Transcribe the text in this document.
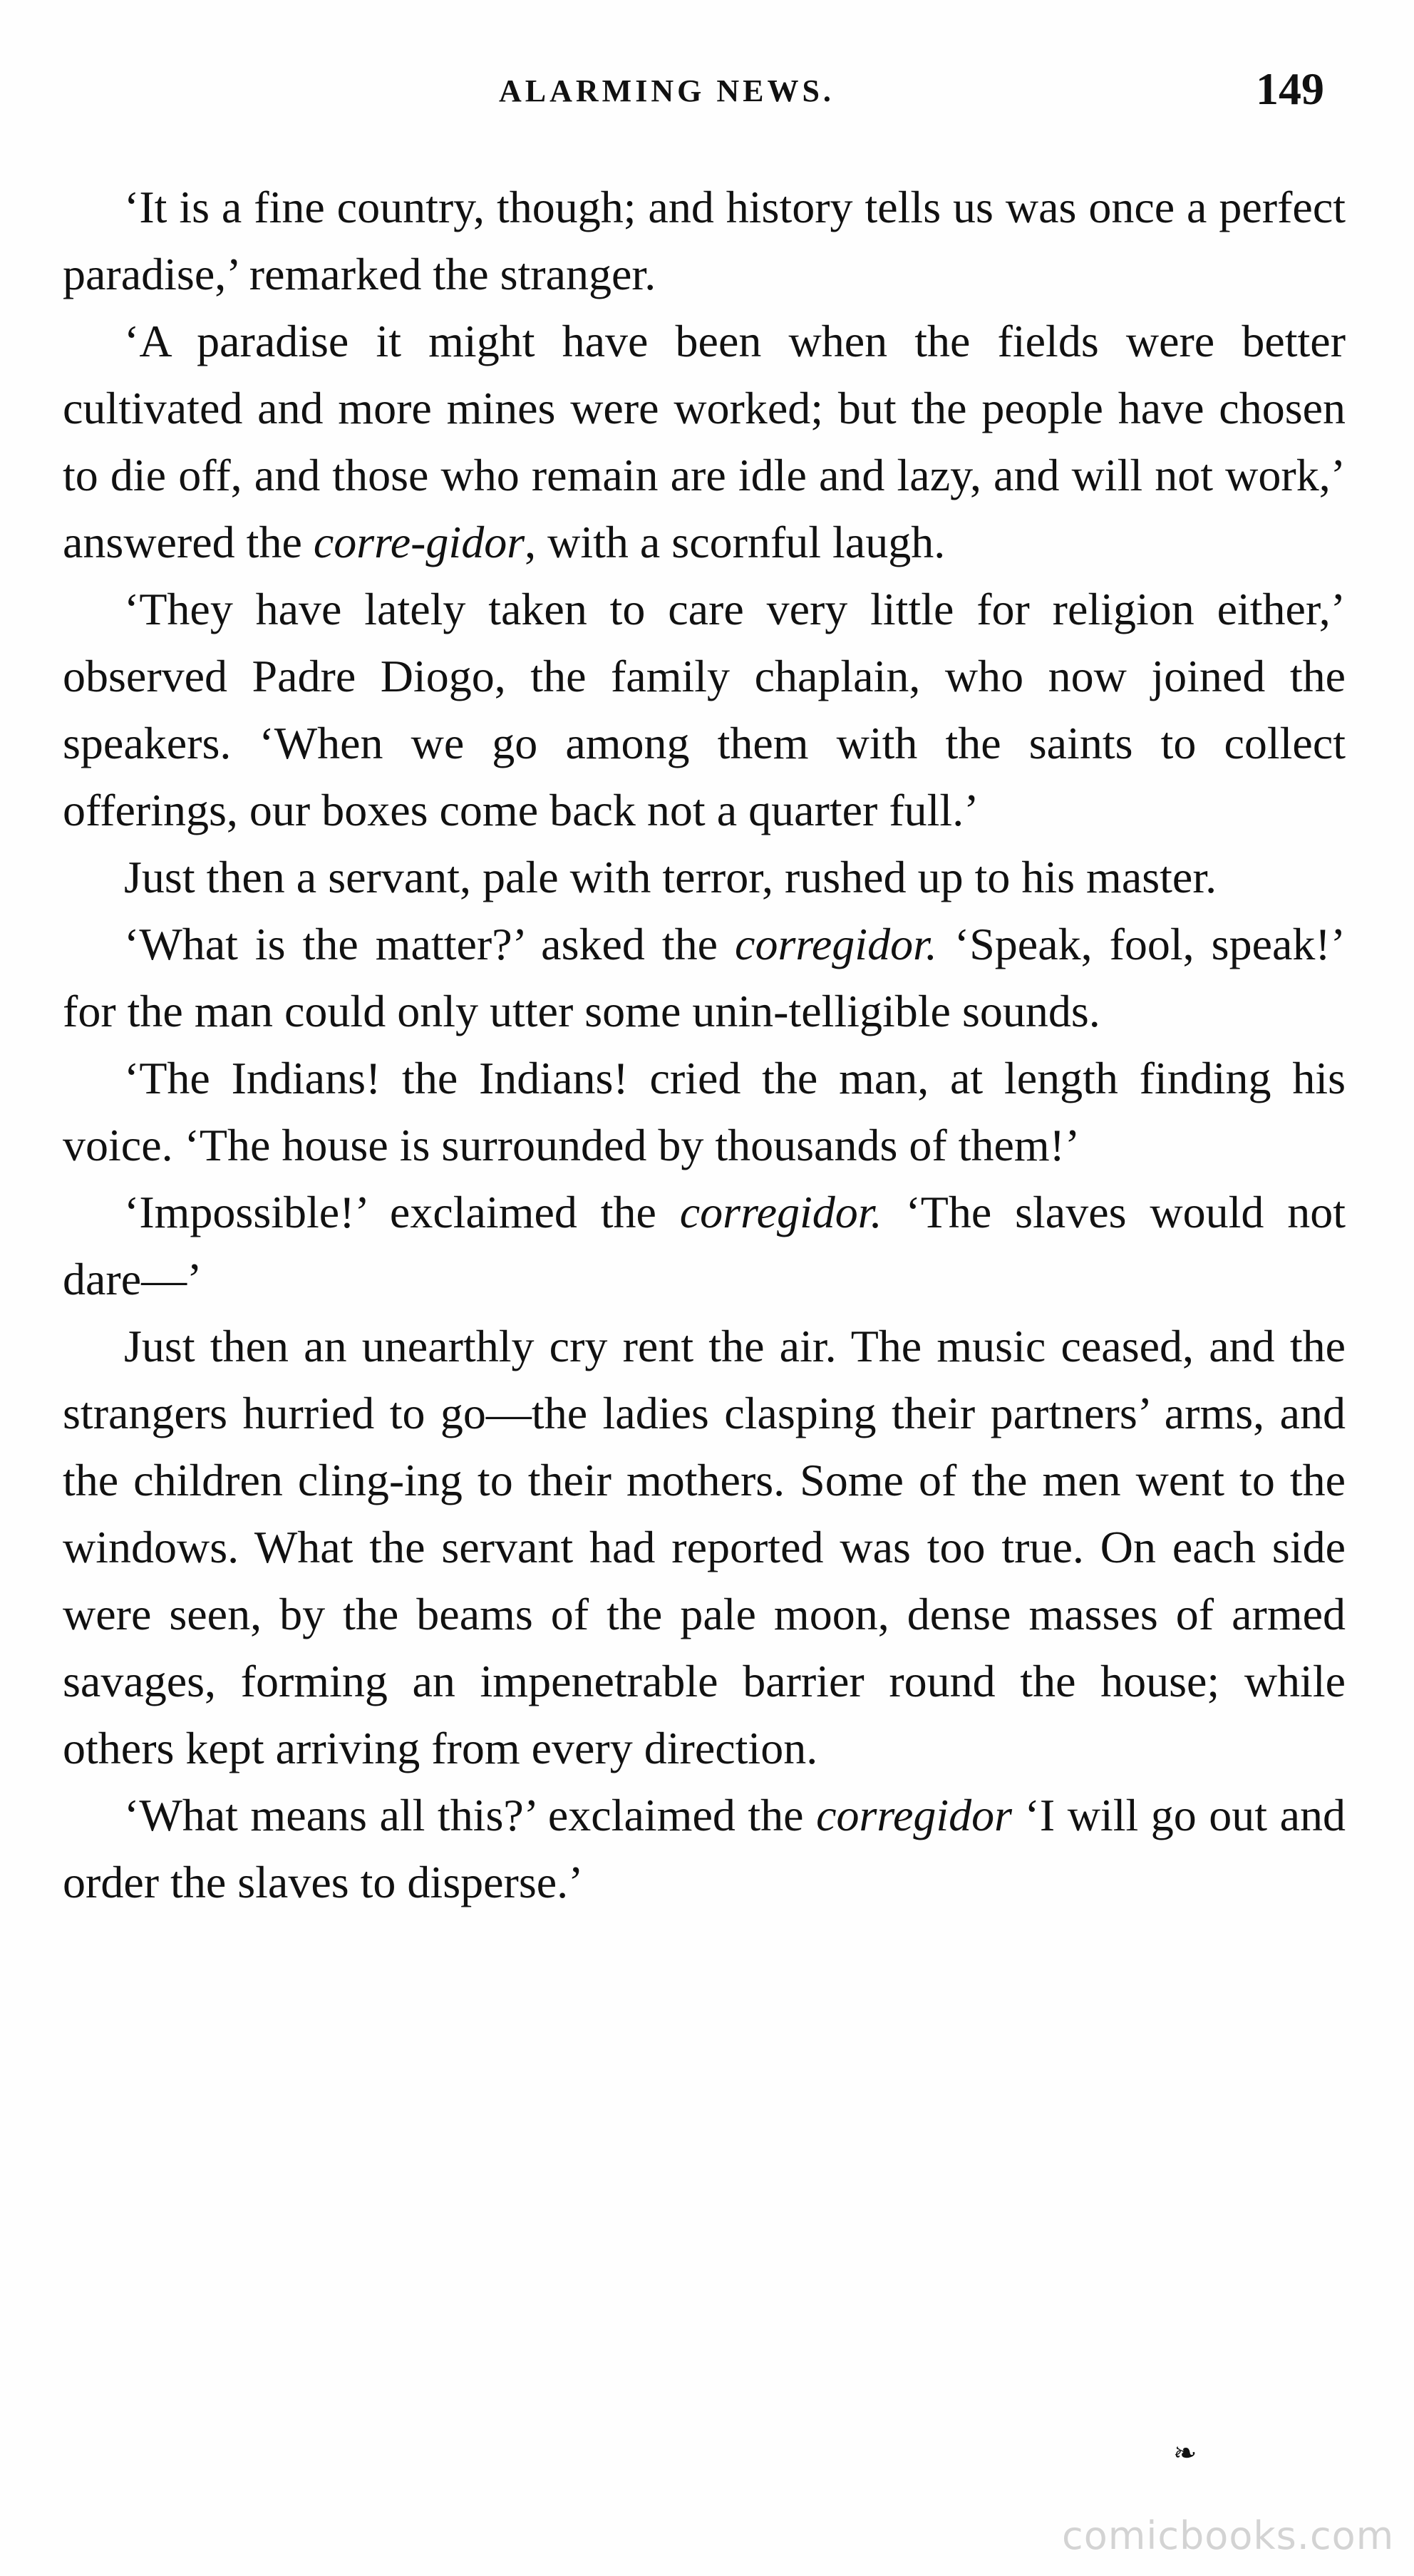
ALARMING NEWS.	149

‘It is a fine country, though; and history tells us was once a perfect paradise,’ remarked the stranger.

‘A paradise it might have been when the fields were better cultivated and more mines were worked; but the people have chosen to die off, and those who remain are idle and lazy, and will not work,’ answered the corre-gidor, with a scornful laugh.

‘They have lately taken to care very little for religion either,’ observed Padre Diogo, the family chaplain, who now joined the speakers. ‘When we go among them with the saints to collect offerings, our boxes come back not a quarter full.’

Just then a servant, pale with terror, rushed up to his master.

‘What is the matter?’ asked the corregidor. ‘Speak, fool, speak!’ for the man could only utter some unin-telligible sounds.

‘The Indians! the Indians! cried the man, at length finding his voice. ‘The house is surrounded by thousands of them!’

‘Impossible!’ exclaimed the corregidor. ‘The slaves would not dare—’

Just then an unearthly cry rent the air. The music ceased, and the strangers hurried to go—the ladies clasping their partners’ arms, and the children cling-ing to their mothers. Some of the men went to the windows. What the servant had reported was too true. On each side were seen, by the beams of the pale moon, dense masses of armed savages, forming an impenetrable barrier round the house; while others kept arriving from every direction.

‘What means all this?’ exclaimed the corregidor ‘I will go out and order the slaves to disperse.’

❧
comicbooks.com
